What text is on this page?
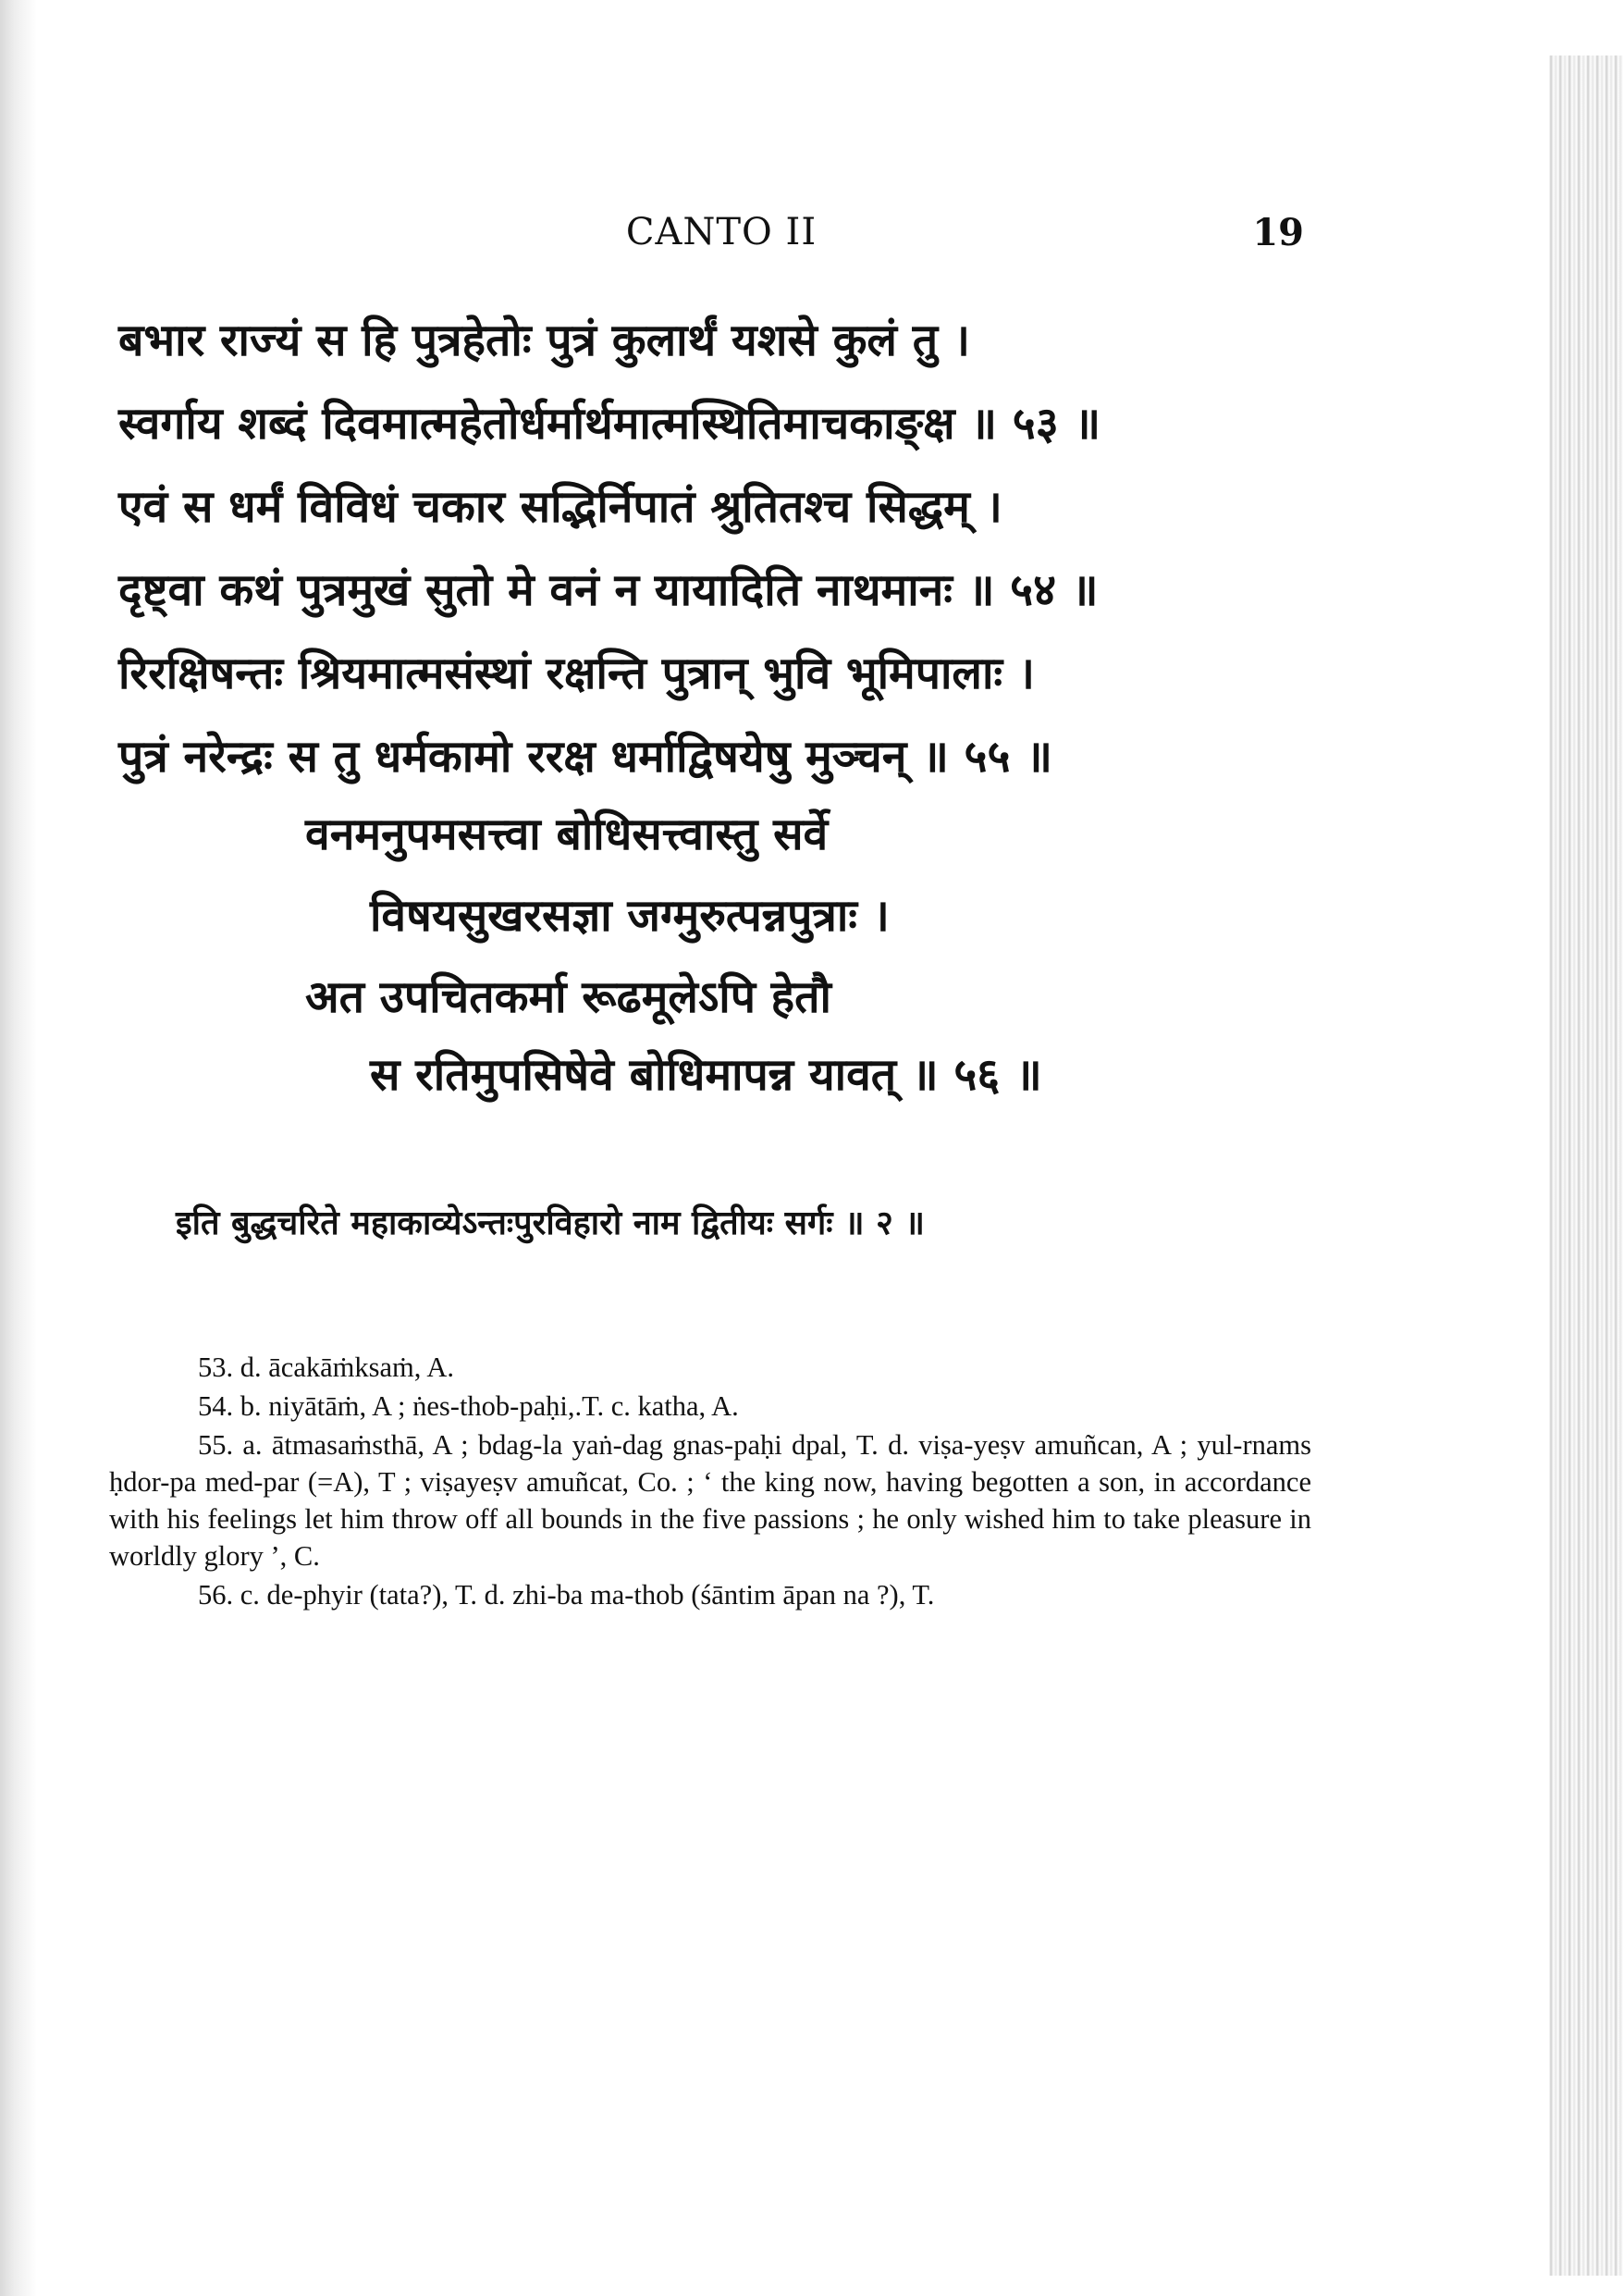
CANTO II	19
बभार राज्यं स हि पुत्रहेतोः पुत्रं कुलार्थं यशसे कुलं तु ।
स्वर्गाय शब्दं दिवमात्महेतोर्धर्मार्थमात्मस्थितिमाचकाङ्क्ष ॥ ५३ ॥
एवं स धर्मं विविधं चकार सद्भिर्निपातं श्रुतितश्च सिद्धम् ।
दृष्ट्वा कथं पुत्रमुखं सुतो मे वनं न यायादिति नाथमानः ॥ ५४ ॥
रिरक्षिषन्तः श्रियमात्मसंस्थां रक्षन्ति पुत्रान् भुवि भूमिपालाः ।
पुत्रं नरेन्द्रः स तु धर्मकामो ररक्ष धर्माद्विषयेषु मुञ्चन् ॥ ५५ ॥
वनमनुपमसत्त्वा बोधिसत्त्वास्तु सर्वे
विषयसुखरसज्ञा जग्मुरुत्पन्नपुत्राः ।
अत उपचितकर्मा रूढमूलेऽपि हेतौ
स रतिमुपसिषेवे बोधिमापन्न यावत् ॥ ५६ ॥
इति बुद्धचरिते महाकाव्येऽन्तःपुरविहारो नाम द्वितीयः सर्गः ॥ २ ॥

53. d. ācakāṁksaṁ, A.

54. b. niyātāṁ, A ; ṅes-thob-paḥi,.T. c. katha, A.

55. a. ātmasaṁsthā, A ; bdag-la yaṅ-dag gnas-paḥi dpal, T. d. viṣa-yeṣv amuñcan, A ; yul-rnams ḥdor-pa med-par (=A), T ; viṣayeṣv amuñcat, Co. ; ‘ the king now, having begotten a son, in accordance with his feelings let him throw off all bounds in the five passions ; he only wished him to take pleasure in worldly glory ’, C.

56. c. de-phyir (tata?), T. d. zhi-ba ma-thob (śāntim āpan na ?), T.
